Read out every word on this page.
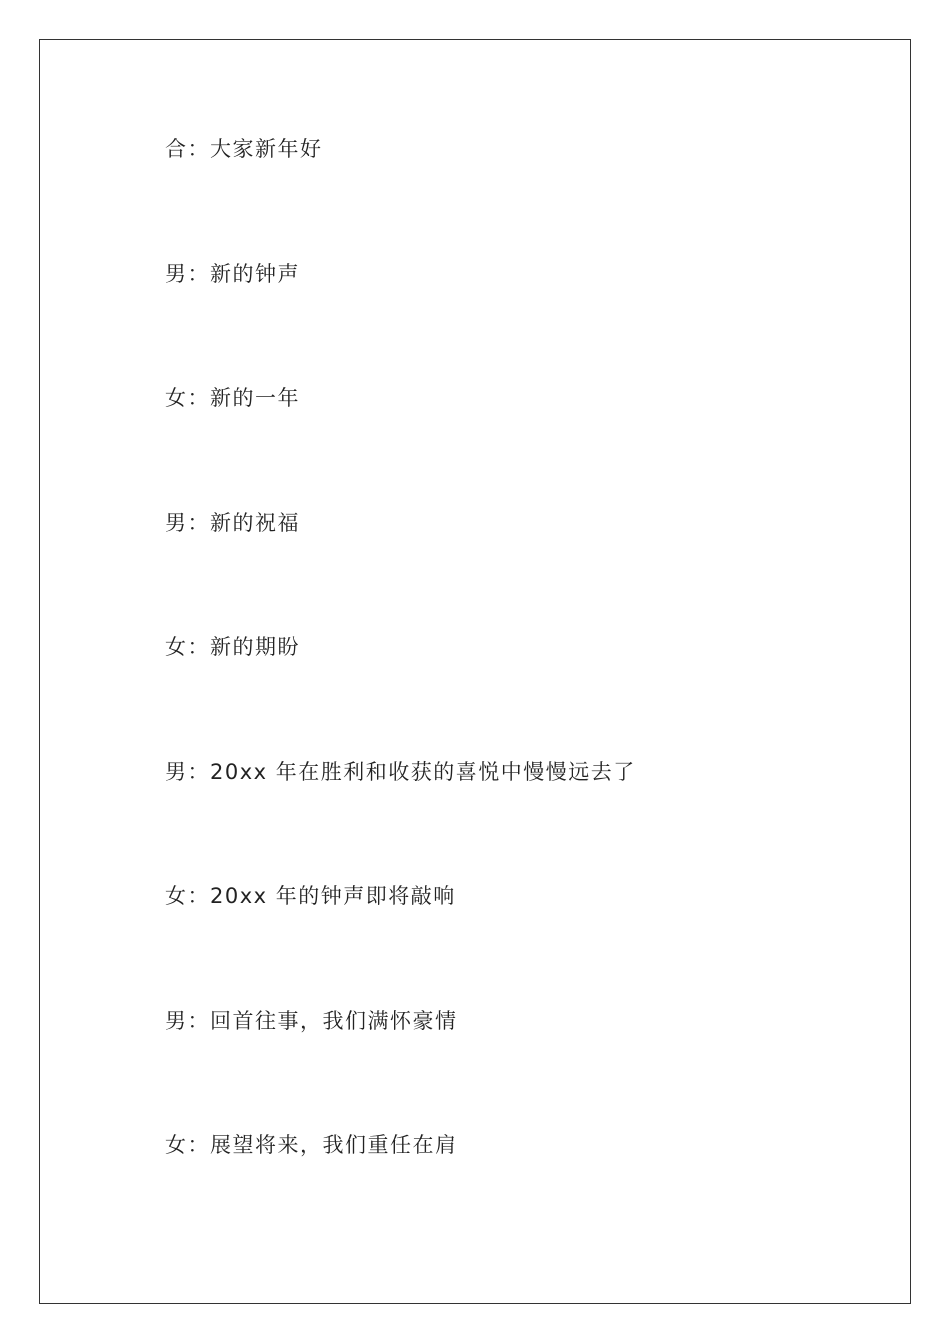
合：大家新年好
男：新的钟声
女：新的一年
男：新的祝福
女：新的期盼
男：20xx 年在胜利和收获的喜悦中慢慢远去了
女：20xx 年的钟声即将敲响
男：回首往事，我们满怀豪情
女：展望将来，我们重任在肩
